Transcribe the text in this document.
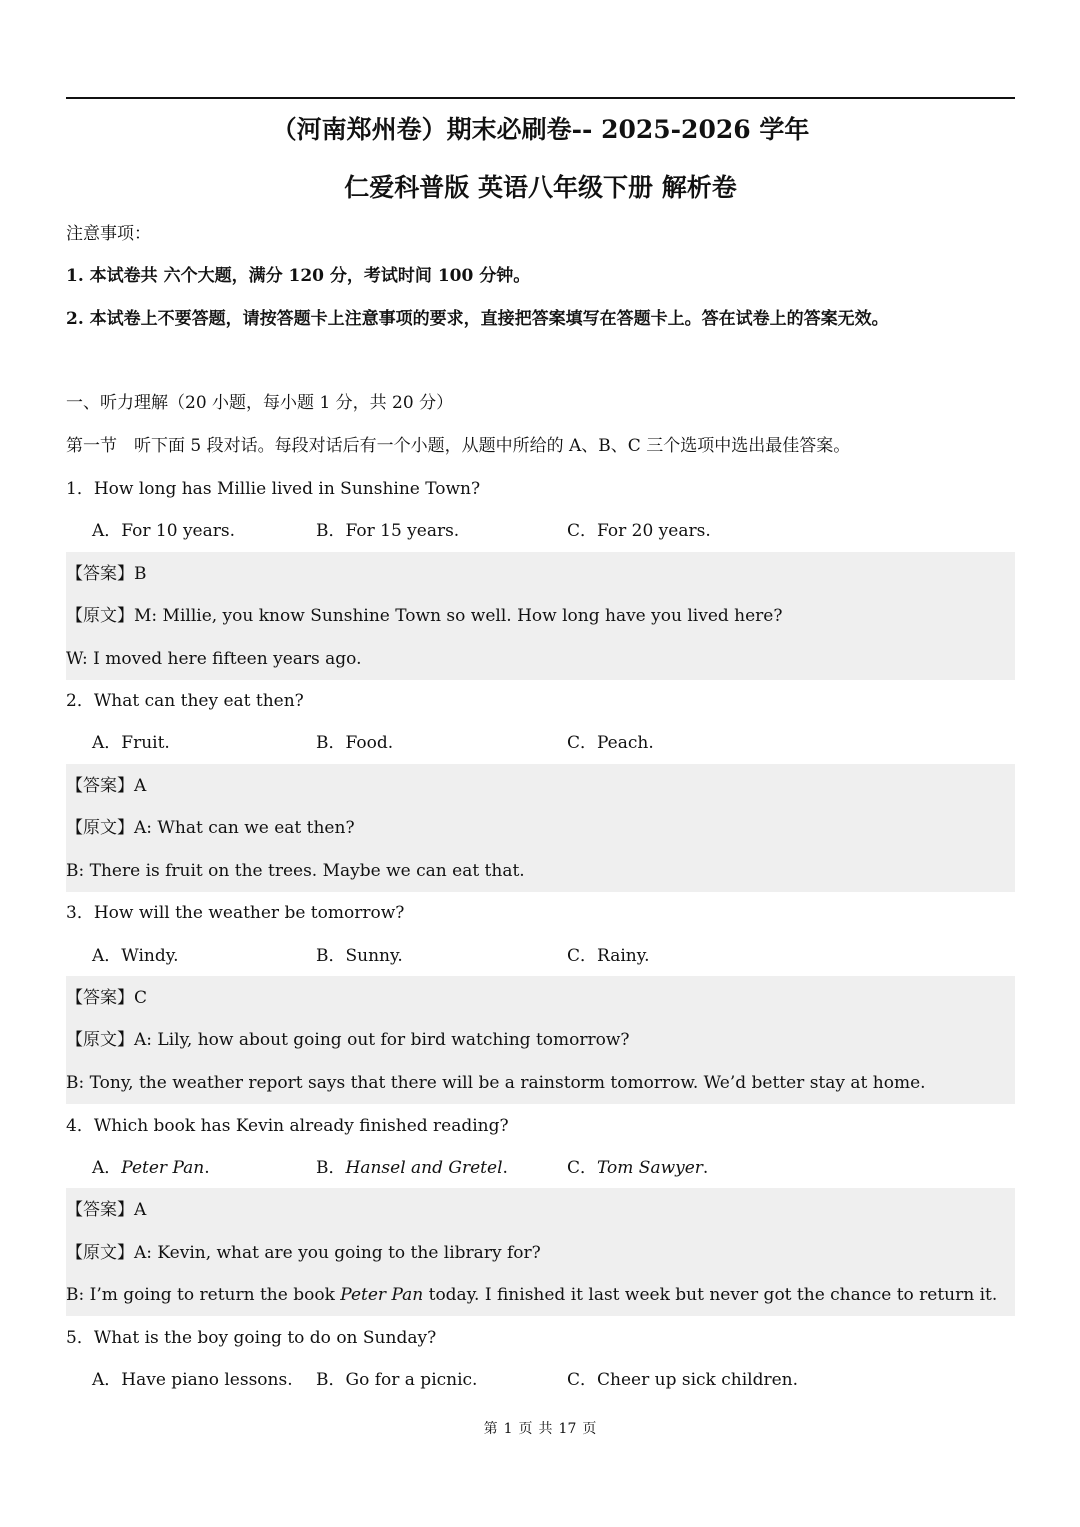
（河南郑州卷）期末必刷卷-- 2025-2026 学年
仁爱科普版 英语八年级下册 解析卷
注意事项：
1. 本试卷共 六个大题，满分 120 分，考试时间 100 分钟。
2. 本试卷上不要答题，请按答题卡上注意事项的要求，直接把答案填写在答题卡上。答在试卷上的答案无效。
一、听力理解（20 小题，每小题 1 分，共 20 分）
第一节　听下面 5 段对话。每段对话后有一个小题，从题中所给的 A、B、C 三个选项中选出最佳答案。
1．How long has Millie lived in Sunshine Town?
A．For 10 years.	B．For 15 years.	C．For 20 years.
【答案】B
【原文】M: Millie, you know Sunshine Town so well. How long have you lived here?
W: I moved here fifteen years ago.
2．What can they eat then?
A．Fruit.	B．Food.	C．Peach.
【答案】A
【原文】A: What can we eat then?
B: There is fruit on the trees. Maybe we can eat that.
3．How will the weather be tomorrow?
A．Windy.	B．Sunny.	C．Rainy.
【答案】C
【原文】A: Lily, how about going out for bird watching tomorrow?
B: Tony, the weather report says that there will be a rainstorm tomorrow. We’d better stay at home.
4．Which book has Kevin already finished reading?
A．Peter Pan.	B．Hansel and Gretel.	C．Tom Sawyer.
【答案】A
【原文】A: Kevin, what are you going to the library for?
B: I’m going to return the book Peter Pan today. I finished it last week but never got the chance to return it.
5．What is the boy going to do on Sunday?
A．Have piano lessons. B．Go for a picnic.	C．Cheer up sick children.
第 1 页 共 17 页
